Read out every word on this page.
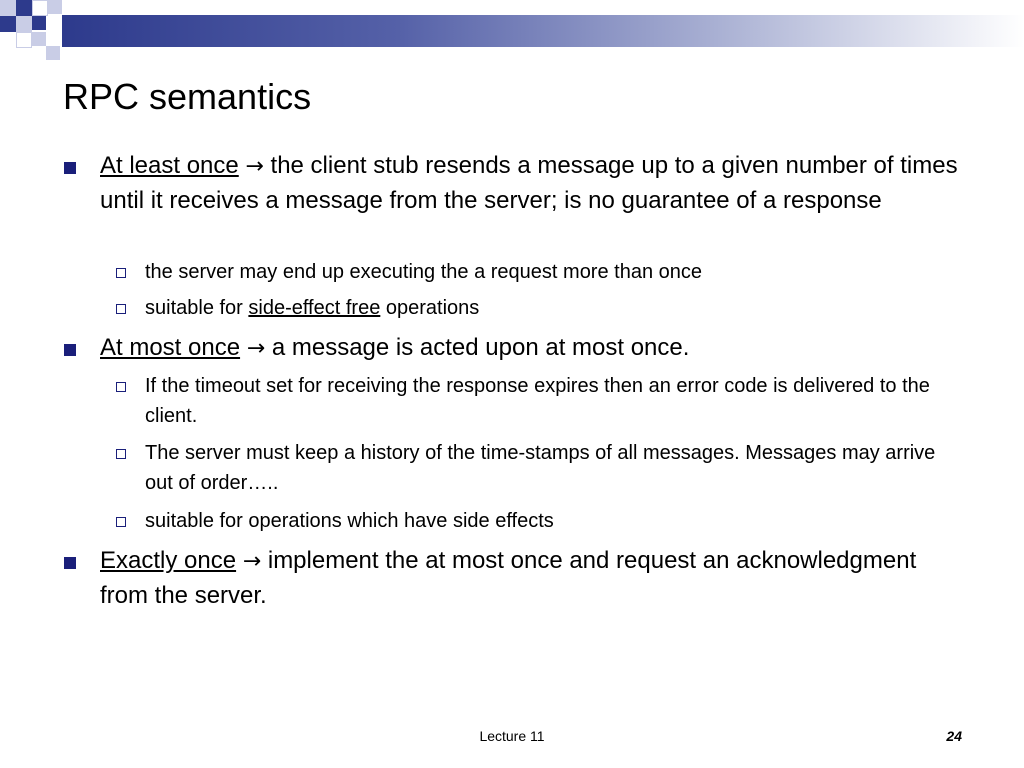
RPC semantics
At least once → the client stub resends a message up to a given number of times until it receives a message from the server; is no guarantee of a response
the server may end up executing the a request more than once
suitable for side-effect free operations
At most once → a message is acted upon at most once.
If the timeout set for receiving the response expires then an error code is delivered to the client.
The server must keep a history of the time-stamps of all messages. Messages may arrive out of order…..
suitable for operations which have side effects
Exactly once → implement the at most once and request an acknowledgment from the server.
Lecture 11	24
